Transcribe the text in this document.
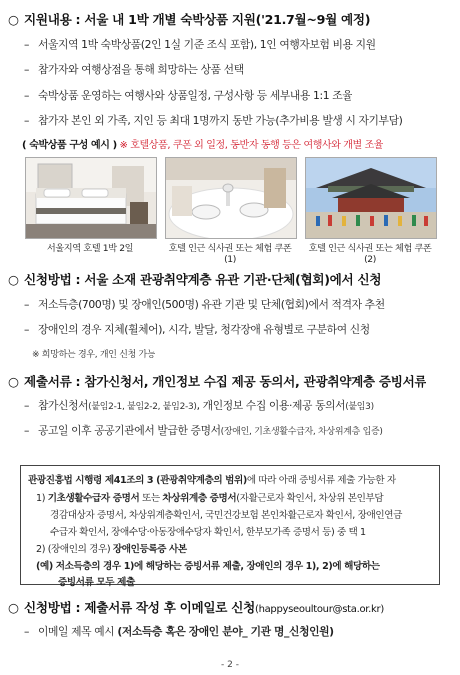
○ 지원내용 : 서울 내 1박 개별 숙박상품 지원('21.7월~9월 예정)
– 서울지역 1박 숙박상품(2인 1실 기준 조식 포함), 1인 여행자보험 비용 지원
– 참가자와 여행상점을 통해 희망하는 상품 선택
– 숙박상품 운영하는 여행사와 상품일정, 구성사항 등 세부내용 1:1 조율
– 참가자 본인 외 가족, 지인 등 최대 1명까지 동반 가능(추가비용 발생 시 자기부담)
( 숙박상품 구성 예시 ) ※ 호텔상품, 쿠폰 외 일정, 동반자 동행 등은 여행사와 개별 조율
서울지역 호텔 1박 2일	호텔 인근 식사권 또는 체험 쿠폰(1)
호텔 인근 식사권 또는 체험 쿠폰(2)
○ 신청방법 : 서울 소재 관광취약계층 유관 기관·단체(협회)에서 신청
– 저소득층(700명) 및 장애인(500명) 유관 기관 및 단체(협회)에서 적격자 추천
– 장애인의 경우 지체(휠체어), 시각, 발달, 청각장애 유형별로 구분하여 신청
※ 희망하는 경우, 개인 신청 가능
○ 제출서류 : 참가신청서, 개인정보 수집 제공 동의서, 관광취약계층 증빙서류
– 참가신청서(붙임2-1, 붙임2-2, 붙임2-3), 개인정보 수집 이용·제공 동의서(붙임3)
– 공고일 이후 공공기관에서 발급한 증명서(장애인, 기초생활수급자, 차상위계층 입증)
관광진흥법 시행령 제41조의 3 (관광취약계층의 범위)에 따라 아래 증빙서류 제출 가능한 자
1) 기초생활수급자 증명서 또는 차상위계층 증명서(자활근로자 확인서, 차상위 본인부담
경감대상자 증명서, 차상위계층확인서, 국민건강보험 본인차활근로자 확인서, 장애인연금
수급자 확인서, 장애수당·아동장애수당자 확인서, 한부모가족 증명서 등) 중 택 1
2) (장애인의 경우) 장애인등록증 사본
(예) 저소득층의 경우 1)에 해당하는 증빙서류 제출, 장애인의 경우 1), 2)에 해당하는
증빙서류 모두 제출
○ 신청방법 : 제출서류 작성 후 이메일로 신청(happyseoultour@sta.or.kr)
– 이메일 제목 예시 (저소득층 혹은 장애인 분야_ 기관 명_신청인원)
- 2 -
